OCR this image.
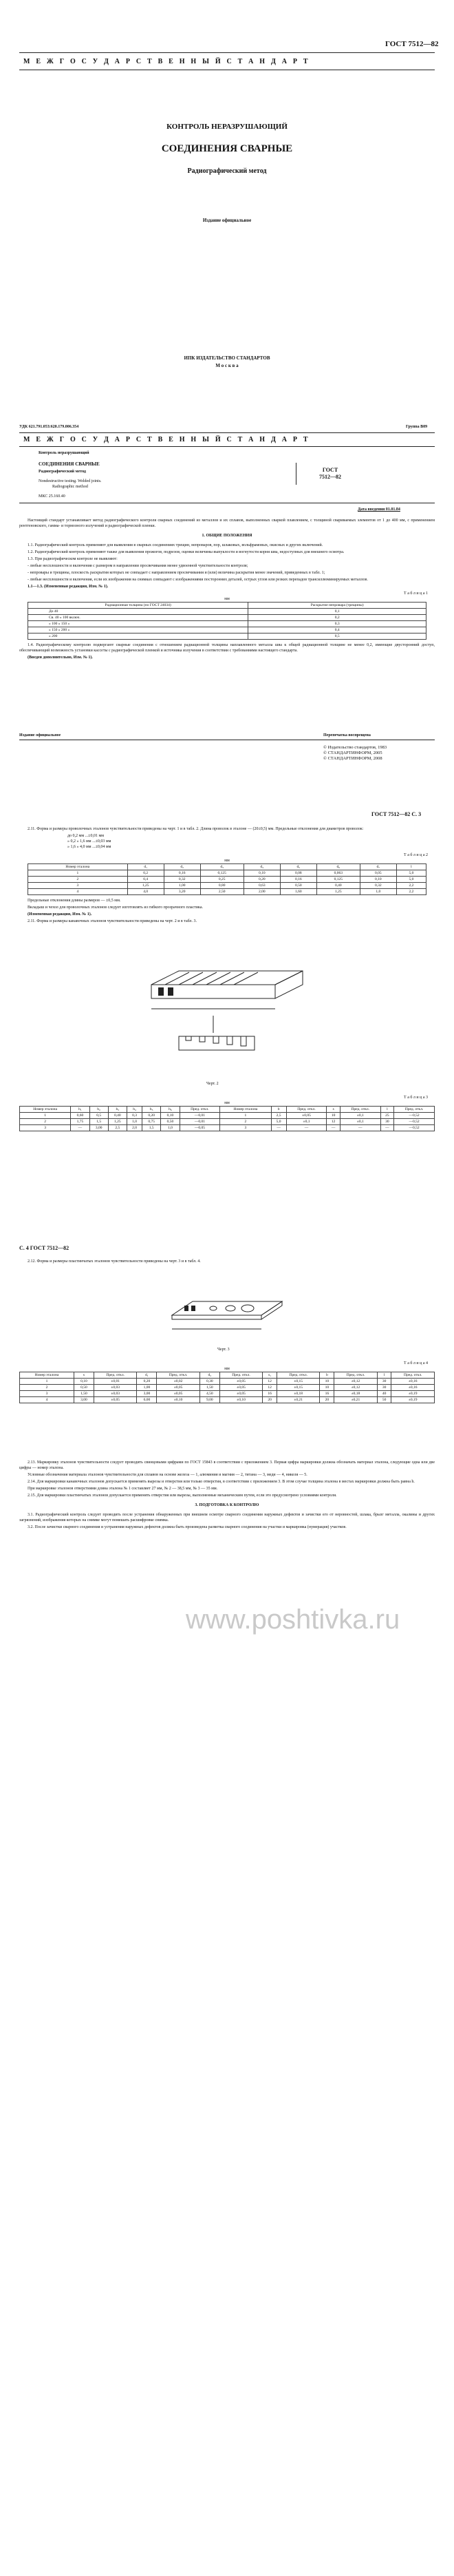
ГОСТ 7512—82
М Е Ж Г О С У Д А Р С Т В Е Н Н Ы Й С Т А Н Д А Р Т
КОНТРОЛЬ НЕРАЗРУШАЮЩИЙ
СОЕДИНЕНИЯ СВАРНЫЕ
Радиографический метод
Издание официальное
ИПК ИЗДАТЕЛЬСТВО СТАНДАРТОВ
М о с к в а
УДК 621.791.053:620.179.006.354	Группа В09
М Е Ж Г О С У Д А Р С Т В Е Н Н Ы Й С Т А Н Д А Р Т
Контроль неразрушающий
СОЕДИНЕНИЯ СВАРНЫЕ
Радиографический метод
Nondestructive testing. Welded joints.
Radiographic method
МКС 25.160.40
ГОСТ
7512—82
Дата введения 01.01.84

Настоящий стандарт устанавливает метод радиографического контроля сварных соединений из металлов и их сплавов, выполненных сваркой плавлением, с толщиной свариваемых элементов от 1 до 400 мм, с применением рентгеновского, гамма- и тормозного излучений и радиографической пленки.

1. ОБЩИЕ ПОЛОЖЕНИЯ

1.1. Радиографический контроль применяют для выявления в сварных соединениях трещин, непроваров, пор, шлаковых, вольфрамовых, окисных и других включений.

1.2. Радиографический контроль применяют также для выявления прожогов, подрезов, оценки величины выпуклости и вогнутости корня шва, недоступных для внешнего осмотра.

1.3. При радиографическом контроле не выявляют:

- любые несплошности и включения с размером в направлении просвечивания менее удвоенной чувствительности контроля;

- непровары и трещины, плоскость раскрытия которых не совпадает с направлением просвечивания и (или) величина раскрытия менее значений, приведенных в табл. 1;

- любые несплошности и включения, если их изображения на снимках совпадают с изображениями посторонних деталей, острых углов или резких перепадов трансиллюминируемых металлов.

1.1—1.3. (Измененная редакция, Изм. № 1).

Т а б л и ц а 1
мм
Радиационная толщина (по ГОСТ 24034)	Раскрытие непровара (трещины)
До 40	0,1
Св. 40 » 100 включ.	0,2
» 100 » 150 »	0,3
» 150 » 200 »	0,4
» 200	0,5

1.4. Радиографическому контролю подвергают сварные соединения с отношением радиационной толщины наплавленного металла шва к общей радиационной толщине не менее 0,2, имеющие двусторонний доступ, обеспечивающий возможность установки кассеты с радиографической пленкой и источника излучения в соответствии с требованиями настоящего стандарта.

(Введен дополнительно, Изм. № 1).

Издание официальное	Перепечатка воспрещена
© Издательство стандартов, 1983
© СТАНДАРТИНФОРМ, 2005
© СТАНДАРТИНФОРМ, 2008
ГОСТ 7512—82 С. 3

2.11. Форма и размеры проволочных эталонов чувствительности приведены на черт. 1 и в табл. 2. Длина проволок в эталоне — (20±0,5) мм. Предельные отклонения для диаметров проволок:

до 0,2 мм ...±0,01 мм
» 0,2 » 1,6 мм ...±0,03 мм
» 1,6 » 4,0 мм ...±0,04 мм
Т а б л и ц а 2
мм
Номер эталона	d₁	d₂	d₃	d₄	d₅	d₆	d₇	l
1	0,2	0,16	0,125	0,10	0,08	0,063	0,05	5,0
2	0,4	0,32	0,25	0,20	0,16	0,125	0,10	5,0
3	1,25	1,00	0,80	0,63	0,50	0,40	0,32	2,2
4	4,0	3,20	2,50	2,00	1,60	1,25	1,0	2,2

Предельные отклонения длины размеров — ±0,5 мм.

Вкладыш и чехол для проволочных эталонов следует изготовлять из гибкого прозрачного пластика.

(Измененная редакция, Изм. № 1).

2.11. Форма и размеры канавочных эталонов чувствительности приведены на черт. 2 и в табл. 3.

Черт. 2
Т а б л и ц а 3
мм
Номер эталона	h₁	h₂	h₃	h₄	h₅	h₆	Пред. откл.	Номер эталона	b	Пред. откл.	s	Пред. откл.	l	Пред. откл.
1	0,60	0,5	0,40	0,3	0,20	0,10	—0,01	1	2,5	±0,05	10	±0,1	25	—0,52
2	1,75	1,5	1,25	1,0	0,75	0,50	—0,01	2	5,0	±0,1	12	±0,1	30	—0,52
3	—	3,00	2,5	2,0	1,5	1,0	—0,05	3	—	—	—	—	—	—0,52
С. 4 ГОСТ 7512—82

2.12. Форма и размеры пластинчатых эталонов чувствительности приведены на черт. 3 и в табл. 4.

Черт. 3
Т а б л и ц а 4
мм
Номер эталона	s	Пред. откл.	d₁	Пред. откл.	d₂	Пред. откл.	s₁	Пред. откл.	b	Пред. откл.	l	Пред. откл.
1	0,10	±0,01	0,20	±0,02	0,30	±0,05	12	±0,15	10	±0,12	30	±0,16
2	0,50	±0,03	1,00	±0,05	1,50	±0,05	12	±0,15	10	±0,12	30	±0,16
3	1,50	±0,03	3,00	±0,05	4,50	±0,05	16	±0,18	16	±0,18	40	±0,19
4	3,00	±0,05	6,00	±0,10	9,00	±0,10	20	±0,21	20	±0,21	50	±0,19

2.13. Маркировку эталонов чувствительности следует проводить свинцовыми цифрами по ГОСТ 15843 в соответствии с приложением 3. Первая цифра маркировки должна обозначать материал эталона, следующие одна или две цифры — номер эталона.

Условные обозначения материала эталонов чувствительности для сплавов на основе железа — 1, алюминия и магния — 2, титана — 3, меди — 4, никеля — 5.

2.14. Для маркировки канавочных эталонов допускается применять вырезы и отверстия или только отверстия, в соответствии с приложением 3. В этом случае толщина эталона в местах маркировки должна быть равна h.

При маркировке эталонов отверстиями длина эталона № 1 составляет 27 мм, № 2 — 38,5 мм, № 3 — 35 мм.

2.15. Для маркировки пластинчатых эталонов допускается применять отверстия или вырезы, выполненные механическим путем, если это предусмотрено условиями контроля.

3. ПОДГОТОВКА К КОНТРОЛЮ

3.1. Радиографический контроль следует проводить после устранения обнаруженных при внешнем осмотре сварного соединения наружных дефектов и зачистки его от неровностей, шлака, брызг металла, окалины и других загрязнений, изображения которых на снимке могут помешать расшифровке снимка.

3.2. После зачистки сварного соединения и устранения наружных дефектов должна быть произведена разметка сварного соединения на участки и маркировка (нумерация) участков.

www.poshtivka.ru
